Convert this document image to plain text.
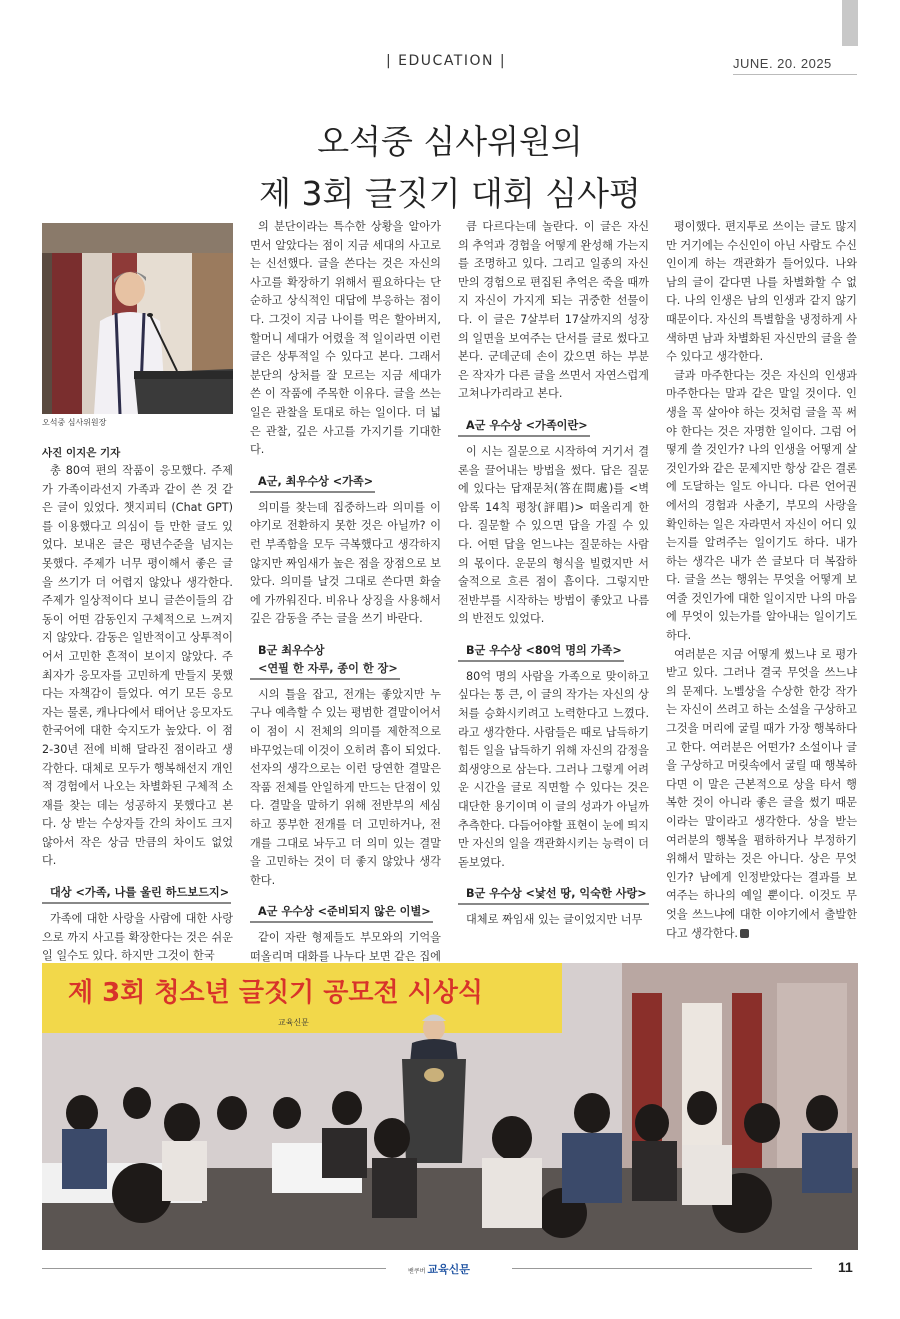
| EDUCATION |	JUNE. 20. 2025
오석중 심사위원의
제 3회 글짓기 대회 심사평
오석중 심사위원장
사진 이지은 기자

총 80여 편의 작품이 응모했다. 주제가 가족이라선지 가족과 같이 쓴 것 같은 글이 있었다. 챗지피티 (Chat GPT)를 이용했다고 의심이 들 만한 글도 있었다. 보내온 글은 평년수준을 넘지는 못했다. 주제가 너무 평이해서 좋은 글을 쓰기가 더 어렵지 않았나 생각한다. 주제가 일상적이다 보니 글쓴이들의 감동이 어떤 감동인지 구체적으로 느껴지지 않았다. 감동은 일반적이고 상투적이어서 고민한 흔적이 보이지 않았다. 주최자가 응모자를 고민하게 만들지 못했다는 자책감이 들었다. 여기 모든 응모자는 물론, 캐나다에서 태어난 응모자도 한국어에 대한 숙지도가 높았다. 이 점 2-30년 전에 비해 달라진 점이라고 생각한다. 대체로 모두가 행복해선지 개인적 경험에서 나오는 차별화된 구체적 소재를 찾는 데는 성공하지 못했다고 본다. 상 받는 수상자들 간의 차이도 크지 않아서 작은 상금 만큼의 차이도 없었다.

대상 <가족, 나를 울린 하드보드지>

가족에 대한 사랑을 사람에 대한 사랑으로 까지 사고를 확장한다는 것은 쉬운 일 일수도 있다. 하지만 그것이 한국

의 분단이라는 특수한 상황을 알아가면서 알았다는 점이 지금 세대의 사고로는 신선했다. 글을 쓴다는 것은 자신의 사고를 확장하기 위해서 필요하다는 단순하고 상식적인 대답에 부응하는 점이다. 그것이 지금 나이를 먹은 할아버지, 할머니 세대가 어렸을 적 일이라면 이런 글은 상투적일 수 있다고 본다. 그래서 분단의 상처를 잘 모르는 지금 세대가 쓴 이 작품에 주목한 이유다. 글을 쓰는 일은 관찰을 토대로 하는 일이다. 더 넓은 관찰, 깊은 사고를 가지기를 기대한다.

A군, 최우수상 <가족>

의미를 찾는데 집중하느라 의미를 이야기로 전환하지 못한 것은 아닐까? 이런 부족함을 모두 극복했다고 생각하지 않지만 짜임새가 높은 점을 장점으로 보았다. 의미를 날것 그대로 쓴다면 화술에 가까워진다. 비유나 상징을 사용해서 깊은 감동을 주는 글을 쓰기 바란다.

B군 최우수상
<연필 한 자루, 종이 한 장>

시의 틀을 잡고, 전개는 좋았지만 누구나 예측할 수 있는 평범한 결말이어서 이 점이 시 전체의 의미를 제한적으로 바꾸었는데 이것이 오히려 흠이 되었다. 선자의 생각으로는 이런 당연한 결말은 작품 전체를 안일하게 만드는 단점이 있다. 결말을 말하기 위해 전반부의 세심하고 풍부한 전개를 더 고민하거나, 전개를 그대로 놔두고 더 의미 있는 결말을 고민하는 것이 더 좋지 않았나 생각한다.

A군 우수상 <준비되지 않은 이별>

같이 자란 형제들도 부모와의 기억을 떠올리며 대화를 나누다 보면 같은 집에

큼 다르다는데 놀란다. 이 글은 자신의 추억과 경험을 어떻게 완성해 가는지를 조명하고 있다. 그리고 일종의 자신만의 경험으로 편집된 추억은 죽을 때까지 자신이 가지게 되는 귀중한 선물이다. 이 글은 7살부터 17살까지의 성장의 일면을 보여주는 단서를 글로 썼다고 본다. 군데군데 손이 갔으면 하는 부분은 작자가 다른 글을 쓰면서 자연스럽게 고쳐나가리라고 본다.

A군 우수상 <가족이란>

이 시는 질문으로 시작하여 거기서 결론을 끌어내는 방법을 썼다. 답은 질문에 있다는 답재문처(答在問處)를 <벽암록 14칙 평창(評唱)> 떠올리게 한다. 질문할 수 있으면 답을 가질 수 있다. 어떤 답을 얻느냐는 질문하는 사람의 몫이다. 운문의 형식을 빌렸지만 서술적으로 흐른 점이 흠이다. 그렇지만 전반부를 시작하는 방법이 좋았고 나름의 반전도 있었다.

B군 우수상 <80억 명의 가족>

80억 명의 사람을 가족으로 맞이하고 싶다는 통 큰, 이 글의 작가는 자신의 상처를 승화시키려고 노력한다고 느꼈다. 라고 생각한다. 사람들은 때로 납득하기 힘든 일을 납득하기 위해 자신의 감정을 희생양으로 삼는다. 그러나 그렇게 어려운 시간을 글로 직면할 수 있다는 것은 대단한 용기이며 이 글의 성과가 아닐까 추측한다. 다듬어야할 표현이 눈에 띄지만 자신의 일을 객관화시키는 능력이 더 돋보였다.

B군 우수상 <낯선 땅, 익숙한 사랑>

대체로 짜임새 있는 글이었지만 너무

평이했다. 편지투로 쓰이는 글도 많지만 거기에는 수신인이 아닌 사람도 수신인이게 하는 객관화가 들어있다. 나와 남의 글이 같다면 나를 차별화할 수 없다. 나의 인생은 남의 인생과 같지 않기 때문이다. 자신의 특별함을 냉정하게 사색하면 남과 차별화된 자신만의 글을 쓸 수 있다고 생각한다.

글과 마주한다는 것은 자신의 인생과 마주한다는 말과 같은 말일 것이다. 인생을 꼭 살아야 하는 것처럼 글을 꼭 써야 한다는 것은 자명한 일이다. 그럼 어떻게 쓸 것인가? 나의 인생을 어떻게 살 것인가와 같은 문제지만 항상 같은 결론에 도달하는 일도 아니다. 다른 언어권에서의 경험과 사춘기, 부모의 사랑을 확인하는 일은 자라면서 자신이 어디 있는지를 알려주는 일이기도 하다. 내가 하는 생각은 내가 쓴 글보다 더 복잡하다. 글을 쓰는 행위는 무엇을 어떻게 보여줄 것인가에 대한 일이지만 나의 마음에 무엇이 있는가를 알아내는 일이기도 하다.

여러분은 지금 어떻게 썼느냐 로 평가받고 있다. 그러나 결국 무엇을 쓰느냐의 문제다. 노벨상을 수상한 한강 작가는 자신이 쓰려고 하는 소설을 구상하고 그것을 머리에 굴릴 때가 가장 행복하다고 한다. 여러분은 어떤가? 소설이나 글을 구상하고 머릿속에서 굴릴 때 행복하다면 이 말은 근본적으로 상을 타서 행복한 것이 아니라 좋은 글을 썼기 때문이라는 말이라고 생각한다. 상을 받는 여러분의 행복을 폄하하거나 부정하기 위해서 말하는 것은 아니다. 상은 무엇인가? 남에게 인정받았다는 결과를 보여주는 하나의 예일 뿐이다. 이것도 무엇을 쓰느냐에 대한 이야기에서 출발한다고 생각한다.

제 3회 청소년 글짓기 공모전 시상식
교육신문
밴쿠버 교육신문	11
